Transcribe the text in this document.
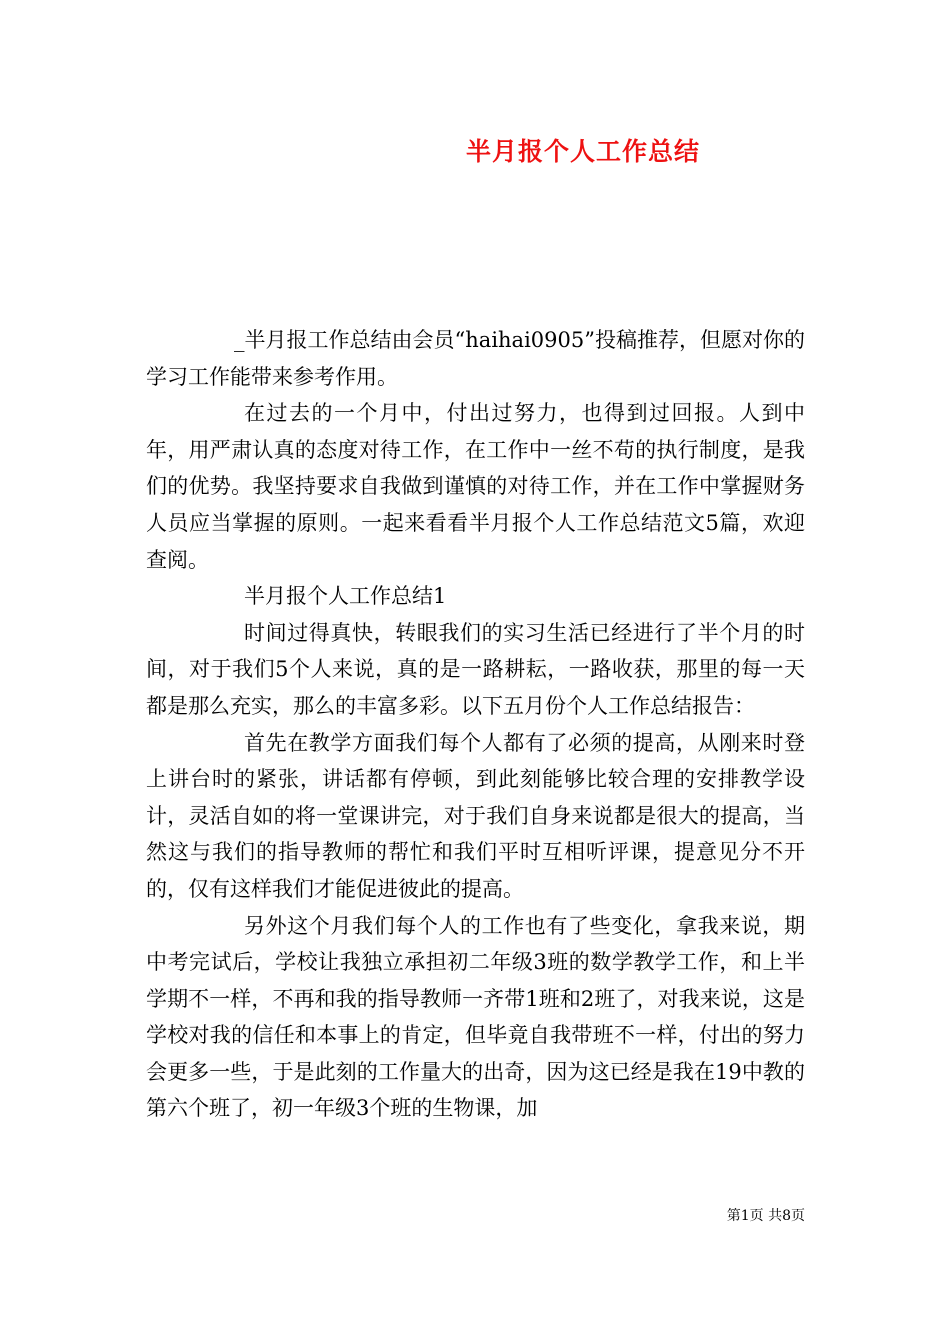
半月报个人工作总结

_半月报工作总结由会员“haihai0905”投稿推荐，但愿对你的学习工作能带来参考作用。

在过去的一个月中，付出过努力，也得到过回报。人到中年，用严肃认真的态度对待工作，在工作中一丝不苟的执行制度，是我们的优势。我坚持要求自我做到谨慎的对待工作，并在工作中掌握财务人员应当掌握的原则。一起来看看半月报个人工作总结范文5篇，欢迎查阅。

半月报个人工作总结1

时间过得真快，转眼我们的实习生活已经进行了半个月的时间，对于我们5个人来说，真的是一路耕耘，一路收获，那里的每一天都是那么充实，那么的丰富多彩。以下五月份个人工作总结报告：

首先在教学方面我们每个人都有了必须的提高，从刚来时登上讲台时的紧张，讲话都有停顿，到此刻能够比较合理的安排教学设计，灵活自如的将一堂课讲完，对于我们自身来说都是很大的提高，当然这与我们的指导教师的帮忙和我们平时互相听评课，提意见分不开的，仅有这样我们才能促进彼此的提高。

另外这个月我们每个人的工作也有了些变化，拿我来说，期中考完试后，学校让我独立承担初二年级3班的数学教学工作，和上半学期不一样，不再和我的指导教师一齐带1班和2班了，对我来说，这是学校对我的信任和本事上的肯定，但毕竟自我带班不一样，付出的努力会更多一些，于是此刻的工作量大的出奇，因为这已经是我在19中教的第六个班了，初一年级3个班的生物课，加

第1页 共8页
